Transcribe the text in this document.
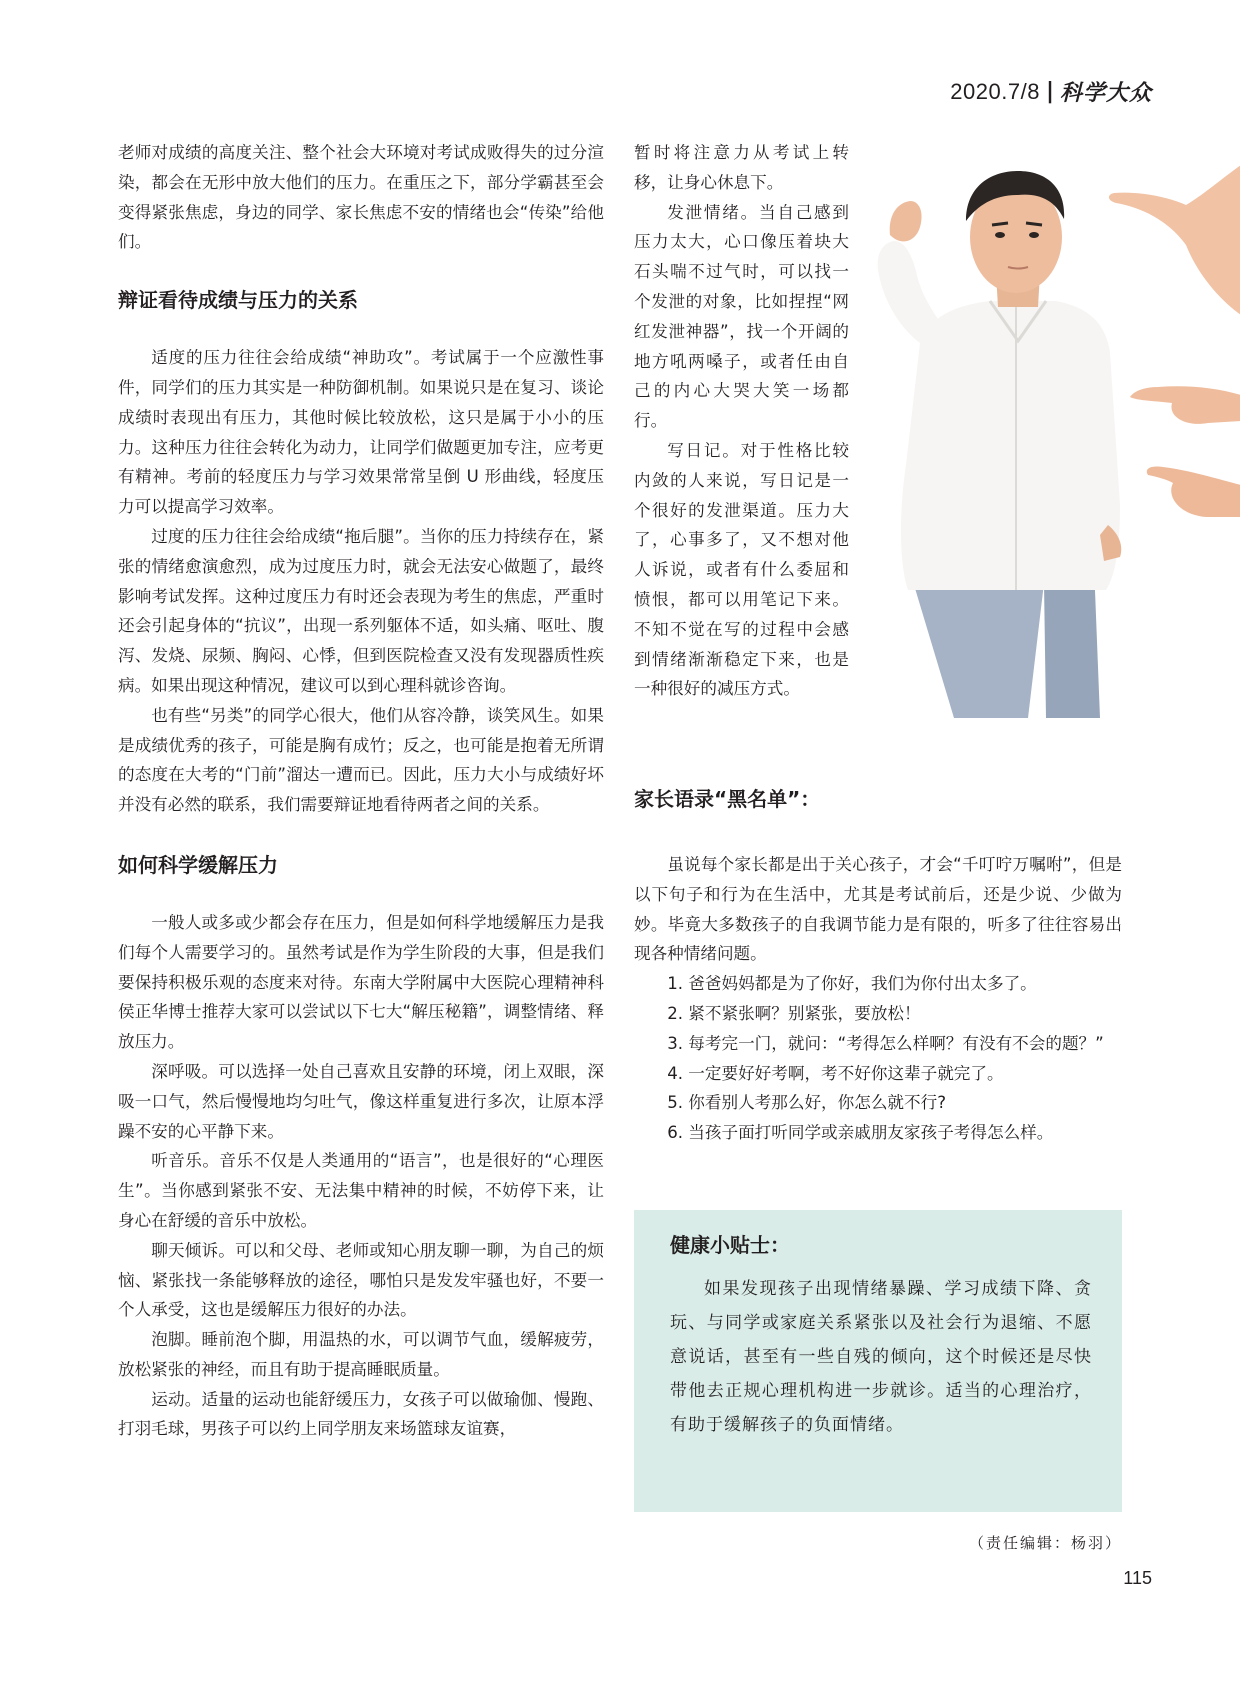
2020.7/8 | 科学大众

老师对成绩的高度关注、整个社会大环境对考试成败得失的过分渲染，都会在无形中放大他们的压力。在重压之下，部分学霸甚至会变得紧张焦虑，身边的同学、家长焦虑不安的情绪也会“传染”给他们。

辩证看待成绩与压力的关系

适度的压力往往会给成绩“神助攻”。考试属于一个应激性事件，同学们的压力其实是一种防御机制。如果说只是在复习、谈论成绩时表现出有压力，其他时候比较放松，这只是属于小小的压力。这种压力往往会转化为动力，让同学们做题更加专注，应考更有精神。考前的轻度压力与学习效果常常呈倒 U 形曲线，轻度压力可以提高学习效率。

过度的压力往往会给成绩“拖后腿”。当你的压力持续存在，紧张的情绪愈演愈烈，成为过度压力时，就会无法安心做题了，最终影响考试发挥。这种过度压力有时还会表现为考生的焦虑，严重时还会引起身体的“抗议”，出现一系列躯体不适，如头痛、呕吐、腹泻、发烧、尿频、胸闷、心悸，但到医院检查又没有发现器质性疾病。如果出现这种情况，建议可以到心理科就诊咨询。

也有些“另类”的同学心很大，他们从容冷静，谈笑风生。如果是成绩优秀的孩子，可能是胸有成竹；反之，也可能是抱着无所谓的态度在大考的“门前”溜达一遭而已。因此，压力大小与成绩好坏并没有必然的联系，我们需要辩证地看待两者之间的关系。

如何科学缓解压力

一般人或多或少都会存在压力，但是如何科学地缓解压力是我们每个人需要学习的。虽然考试是作为学生阶段的大事，但是我们要保持积极乐观的态度来对待。东南大学附属中大医院心理精神科侯正华博士推荐大家可以尝试以下七大“解压秘籍”，调整情绪、释放压力。

深呼吸。可以选择一处自己喜欢且安静的环境，闭上双眼，深吸一口气，然后慢慢地均匀吐气，像这样重复进行多次，让原本浮躁不安的心平静下来。

听音乐。音乐不仅是人类通用的“语言”，也是很好的“心理医生”。当你感到紧张不安、无法集中精神的时候，不妨停下来，让身心在舒缓的音乐中放松。

聊天倾诉。可以和父母、老师或知心朋友聊一聊，为自己的烦恼、紧张找一条能够释放的途径，哪怕只是发发牢骚也好，不要一个人承受，这也是缓解压力很好的办法。

泡脚。睡前泡个脚，用温热的水，可以调节气血，缓解疲劳，放松紧张的神经，而且有助于提高睡眠质量。

运动。适量的运动也能舒缓压力，女孩子可以做瑜伽、慢跑、打羽毛球，男孩子可以约上同学朋友来场篮球友谊赛，

暂时将注意力从考试上转移，让身心休息下。

发泄情绪。当自己感到压力太大，心口像压着块大石头喘不过气时，可以找一个发泄的对象，比如捏捏“网红发泄神器”，找一个开阔的地方吼两嗓子，或者任由自己的内心大哭大笑一场都行。

写日记。对于性格比较内敛的人来说，写日记是一个很好的发泄渠道。压力大了，心事多了，又不想对他人诉说，或者有什么委屈和愤恨，都可以用笔记下来。不知不觉在写的过程中会感到情绪渐渐稳定下来，也是一种很好的减压方式。

家长语录“黑名单”：

虽说每个家长都是出于关心孩子，才会“千叮咛万嘱咐”，但是以下句子和行为在生活中，尤其是考试前后，还是少说、少做为妙。毕竟大多数孩子的自我调节能力是有限的，听多了往往容易出现各种情绪问题。

1. 爸爸妈妈都是为了你好，我们为你付出太多了。

2. 紧不紧张啊？别紧张，要放松！

3. 每考完一门，就问：“考得怎么样啊？有没有不会的题？”

4. 一定要好好考啊，考不好你这辈子就完了。

5. 你看别人考那么好，你怎么就不行?

6. 当孩子面打听同学或亲戚朋友家孩子考得怎么样。

健康小贴士：

如果发现孩子出现情绪暴躁、学习成绩下降、贪玩、与同学或家庭关系紧张以及社会行为退缩、不愿意说话，甚至有一些自残的倾向，这个时候还是尽快带他去正规心理机构进一步就诊。适当的心理治疗，有助于缓解孩子的负面情绪。

（责任编辑：杨羽）
115
